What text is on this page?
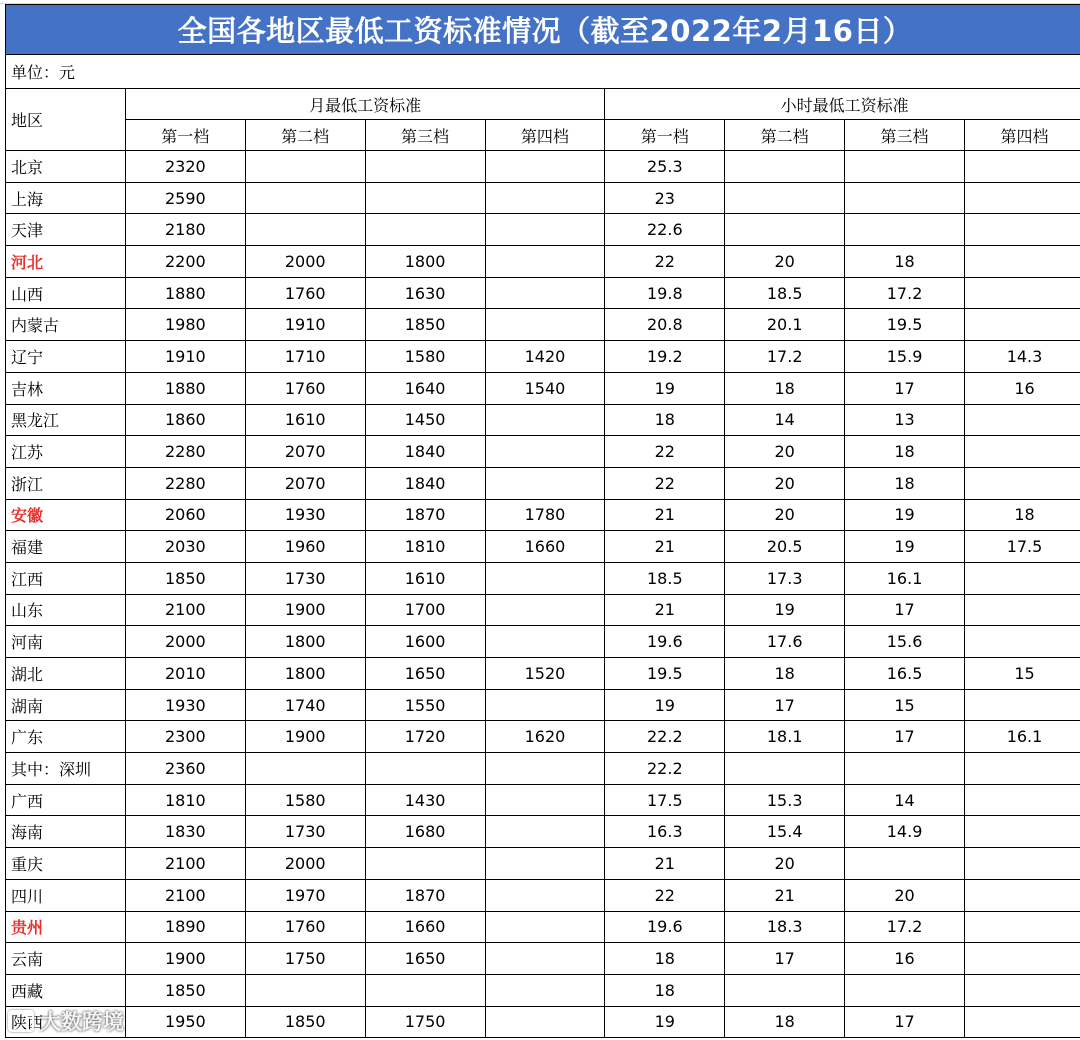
全国各地区最低工资标准情况（截至2022年2月16日）								
单位：元								
地区	月最低工资标准				小时最低工资标准			
	第一档	第二档	第三档	第四档	第一档	第二档	第三档	第四档
北京	2320				25.3			
上海	2590				23			
天津	2180				22.6			
河北	2200	2000	1800		22	20	18	
山西	1880	1760	1630		19.8	18.5	17.2	
内蒙古	1980	1910	1850		20.8	20.1	19.5	
辽宁	1910	1710	1580	1420	19.2	17.2	15.9	14.3
吉林	1880	1760	1640	1540	19	18	17	16
黑龙江	1860	1610	1450		18	14	13	
江苏	2280	2070	1840		22	20	18	
浙江	2280	2070	1840		22	20	18	
安徽	2060	1930	1870	1780	21	20	19	18
福建	2030	1960	1810	1660	21	20.5	19	17.5
江西	1850	1730	1610		18.5	17.3	16.1	
山东	2100	1900	1700		21	19	17	
河南	2000	1800	1600		19.6	17.6	15.6	
湖北	2010	1800	1650	1520	19.5	18	16.5	15
湖南	1930	1740	1550		19	17	15	
广东	2300	1900	1720	1620	22.2	18.1	17	16.1
其中：深圳	2360				22.2			
广西	1810	1580	1430		17.5	15.3	14	
海南	1830	1730	1680		16.3	15.4	14.9	
重庆	2100	2000			21	20		
四川	2100	1970	1870		22	21	20	
贵州	1890	1760	1660		19.6	18.3	17.2	
云南	1900	1750	1650		18	17	16	
西藏	1850				18			
陕西	1950	1850	1750		19	18	17	
大数跨境
